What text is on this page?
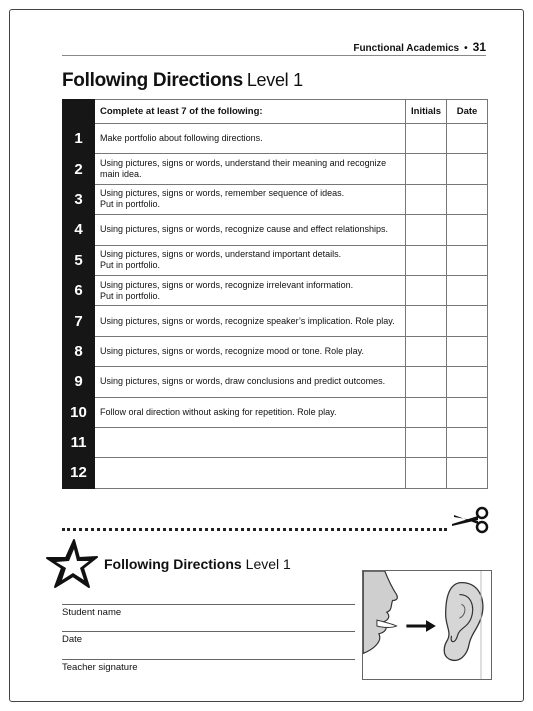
Functional Academics • 31
Following Directions Level 1
	Complete at least 7 of the following:	Initials	Date
1	Make portfolio about following directions.		

2	Using pictures, signs or words, understand their meaning and recognize
main idea.		

3	Using pictures, signs or words, remember sequence of ideas.
Put in portfolio.		

4	Using pictures, signs or words, recognize cause and effect relationships.		

5	Using pictures, signs or words, understand important details.
Put in portfolio.		

6	Using pictures, signs or words, recognize irrelevant information.
Put in portfolio.		

7	Using pictures, signs or words, recognize speaker’s implication. Role play.		

8	Using pictures, signs or words, recognize mood or tone. Role play.		

9	Using pictures, signs or words, draw conclusions and predict outcomes.		

10	Follow oral direction without asking for repetition. Role play.		

11	

12	

Following Directions Level 1
Student name
Date
Teacher signature
